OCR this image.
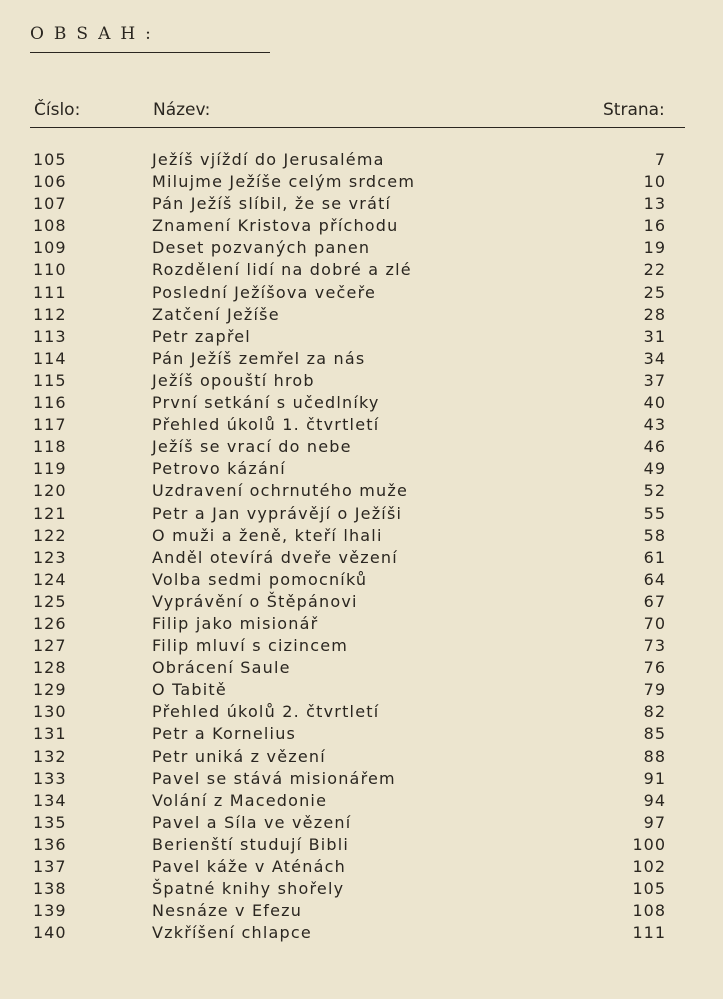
OBSAH:
Číslo:	Název:	Strana:
105	Ježíš vjíždí do Jerusaléma	7
106	Milujme Ježíše celým srdcem	10
107	Pán Ježíš slíbil, že se vrátí	13
108	Znamení Kristova příchodu	16
109	Deset pozvaných panen	19
110	Rozdělení lidí na dobré a zlé	22
111	Poslední Ježíšova večeře	25
112	Zatčení Ježíše	28
113	Petr zapřel	31
114	Pán Ježíš zemřel za nás	34
115	Ježíš opouští hrob	37
116	První setkání s učedlníky	40
117	Přehled úkolů 1. čtvrtletí	43
118	Ježíš se vrací do nebe	46
119	Petrovo kázání	49
120	Uzdravení ochrnutého muže	52
121	Petr a Jan vyprávějí o Ježíši	55
122	O muži a ženě, kteří lhali	58
123	Anděl otevírá dveře vězení	61
124	Volba sedmi pomocníků	64
125	Vyprávění o Štěpánovi	67
126	Filip jako misionář	70
127	Filip mluví s cizincem	73
128	Obrácení Saule	76
129	O Tabitě	79
130	Přehled úkolů 2. čtvrtletí	82
131	Petr a Kornelius	85
132	Petr uniká z vězení	88
133	Pavel se stává misionářem	91
134	Volání z Macedonie	94
135	Pavel a Síla ve vězení	97
136	Berienští studují Bibli	100
137	Pavel káže v Aténách	102
138	Špatné knihy shořely	105
139	Nesnáze v Efezu	108
140	Vzkříšení chlapce	111
